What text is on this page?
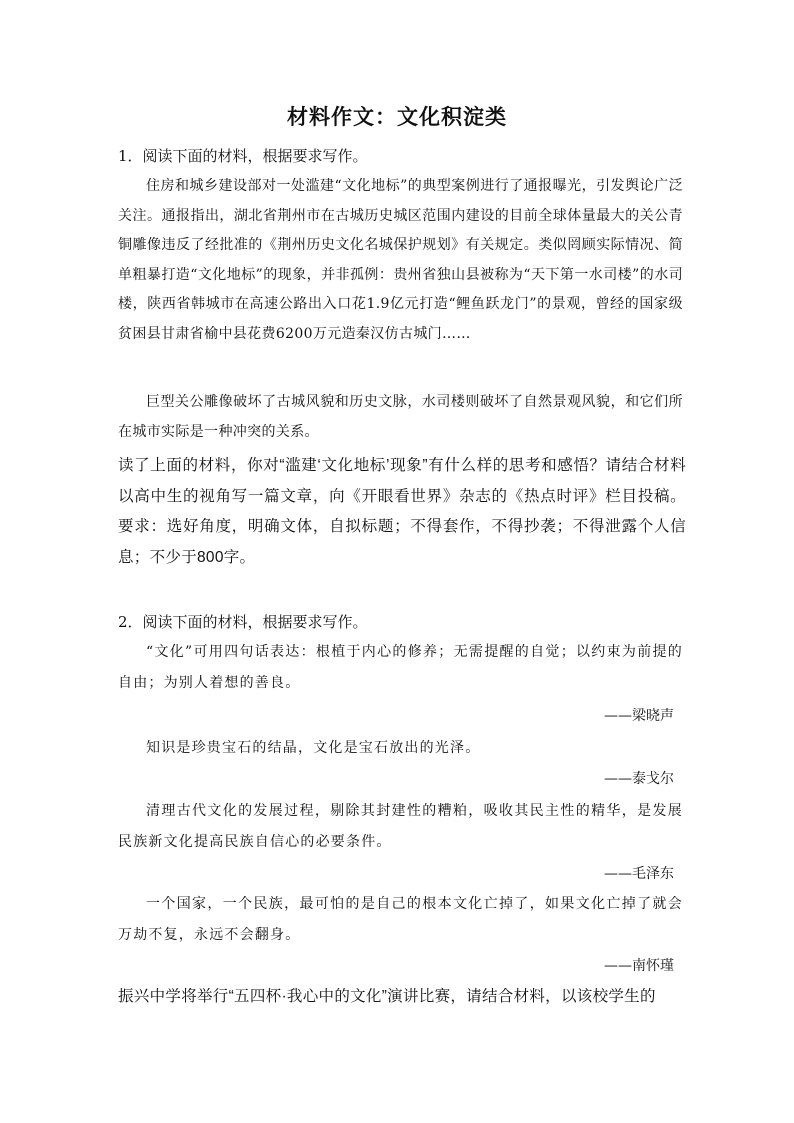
材料作文：文化积淀类
1．阅读下面的材料，根据要求写作。
住房和城乡建设部对一处滥建“文化地标”的典型案例进行了通报曝光，引发舆论广泛关注。通报指出，湖北省荆州市在古城历史城区范围内建设的目前全球体量最大的关公青铜雕像违反了经批准的《荆州历史文化名城保护规划》有关规定。类似罔顾实际情况、简单粗暴打造“文化地标”的现象，并非孤例：贵州省独山县被称为“天下第一水司楼”的水司楼，陕西省韩城市在高速公路出入口花1.9亿元打造“鲤鱼跃龙门”的景观，曾经的国家级贫困县甘肃省榆中县花费6200万元造秦汉仿古城门……
巨型关公雕像破坏了古城风貌和历史文脉，水司楼则破坏了自然景观风貌，和它们所在城市实际是一种冲突的关系。
读了上面的材料，你对“滥建‘文化地标’现象”有什么样的思考和感悟？请结合材料以高中生的视角写一篇文章，向《开眼看世界》杂志的《热点时评》栏目投稿。要求：选好角度，明确文体，自拟标题；不得套作，不得抄袭；不得泄露个人信息；不少于800字。
2．阅读下面的材料，根据要求写作。
“文化”可用四句话表达：根植于内心的修养；无需提醒的自觉；以约束为前提的自由；为别人着想的善良。
——梁晓声
知识是珍贵宝石的结晶，文化是宝石放出的光泽。
——泰戈尔
清理古代文化的发展过程，剔除其封建性的糟粕，吸收其民主性的精华，是发展民族新文化提高民族自信心的必要条件。
——毛泽东
一个国家，一个民族，最可怕的是自己的根本文化亡掉了，如果文化亡掉了就会万劫不复，永远不会翻身。
——南怀瑾
振兴中学将举行“五四杯·我心中的文化”演讲比赛，请结合材料，以该校学生的
